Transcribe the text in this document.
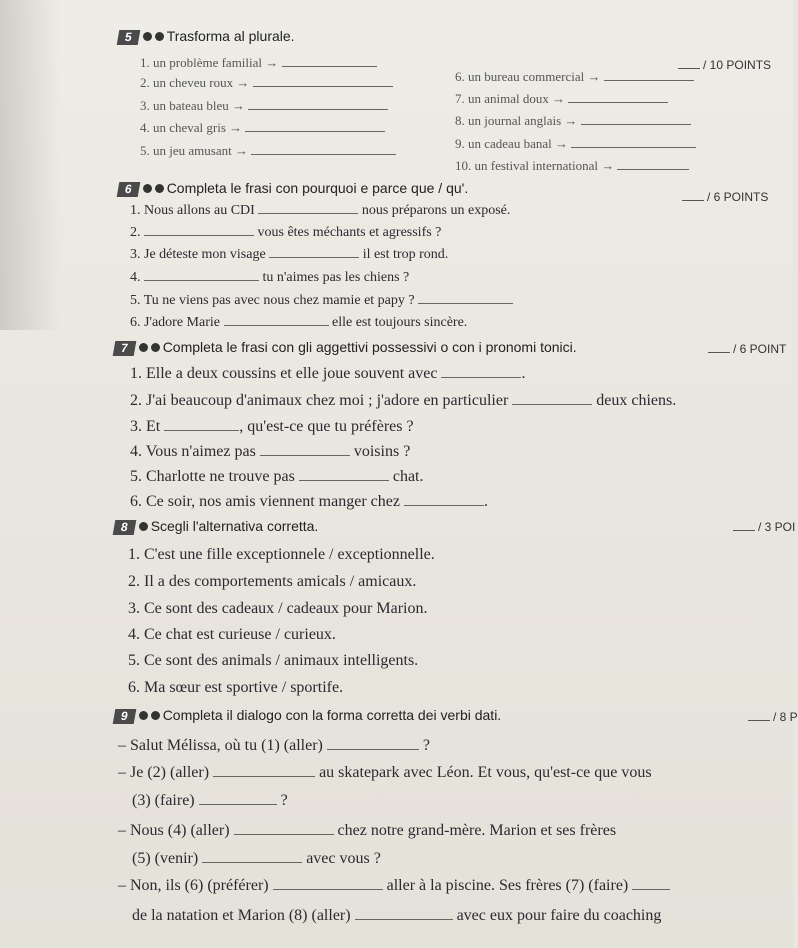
5 Trasforma al plurale.
/ 10 POINTS
1. un problème familial →
2. un cheveu roux →
3. un bateau bleu →
4. un cheval gris →
5. un jeu amusant →
6. un bureau commercial →
7. un animal doux →
8. un journal anglais →
9. un cadeau banal →
10. un festival international →
6 Completa le frasi con pourquoi e parce que / qu'.
/ 6 POINTS
1. Nous allons au CDI	nous préparons un exposé.
2.	vous êtes méchants et agressifs ?
3. Je déteste mon visage	il est trop rond.
4.	tu n'aimes pas les chiens ?
5. Tu ne viens pas avec nous chez mamie et papy ?
6. J'adore Marie	elle est toujours sincère.
7 Completa le frasi con gli aggettivi possessivi o con i pronomi tonici.	/ 6 POINT
1. Elle a deux coussins et elle joue souvent avec	.
2. J'ai beaucoup d'animaux chez moi ; j'adore en particulier	deux chiens.
3. Et	, qu'est-ce que tu préfères ?
4. Vous n'aimez pas	voisins ?
5. Charlotte ne trouve pas	chat.
6. Ce soir, nos amis viennent manger chez	.
8 Scegli l'alternativa corretta.	/ 3 POI
1. C'est une fille exceptionnele / exceptionnelle.
2. Il a des comportements amicals / amicaux.
3. Ce sont des cadeaux / cadeaux pour Marion.
4. Ce chat est curieuse / curieux.
5. Ce sont des animals / animaux intelligents.
6. Ma sœur est sportive / sportife.
9 Completa il dialogo con la forma corretta dei verbi dati.	/ 8 P
– Salut Mélissa, où tu (1) (aller)	?
– Je (2) (aller)	au skatepark avec Léon. Et vous, qu'est-ce que vous
(3) (faire)	?
– Nous (4) (aller)	chez notre grand-mère. Marion et ses frères
(5) (venir)	avec vous ?
– Non, ils (6) (préférer)	aller à la piscine. Ses frères (7) (faire)
de la natation et Marion (8) (aller)	avec eux pour faire du coaching
